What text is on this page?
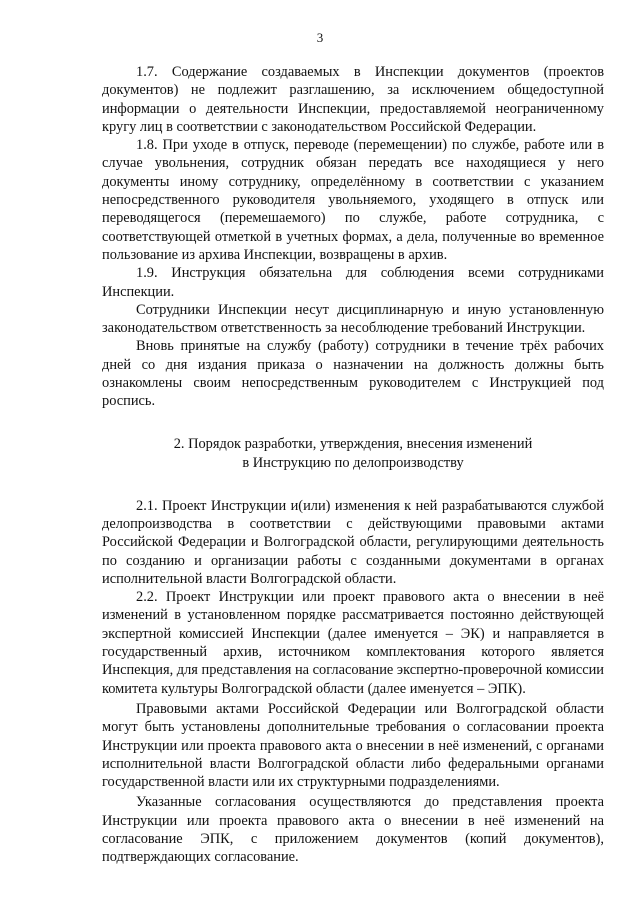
3

1.7. Содержание создаваемых в Инспекции документов (проектов документов) не подлежит разглашению, за исключением общедоступной информации о деятельности Инспекции, предоставляемой неограниченному кругу лиц в соответствии с законодательством Российской Федерации.

1.8. При уходе в отпуск, переводе (перемещении) по службе, работе или в случае увольнения, сотрудник обязан передать все находящиеся у него документы иному сотруднику, определённому в соответствии с указанием непосредственного руководителя увольняемого, уходящего в отпуск или переводящегося (перемешаемого) по службе, работе сотрудника, с соответствующей отметкой в учетных формах, а дела, полученные во временное пользование из архива Инспекции, возвращены в архив.

1.9. Инструкция обязательна для соблюдения всеми сотрудниками Инспекции.

Сотрудники Инспекции несут дисциплинарную и иную установленную законодательством ответственность за несоблюдение требований Инструкции.

Вновь принятые на службу (работу) сотрудники в течение трёх рабочих дней со дня издания приказа о назначении на должность должны быть ознакомлены своим непосредственным руководителем с Инструкцией под роспись.

2. Порядок разработки, утверждения, внесения изменений
в Инструкцию по делопроизводству

2.1. Проект Инструкции и(или) изменения к ней разрабатываются службой делопроизводства в соответствии с действующими правовыми актами Российской Федерации и Волгоградской области, регулирующими деятельность по созданию и организации работы с созданными документами в органах исполнительной власти Волгоградской области.

2.2. Проект Инструкции или проект правового акта о внесении в неё изменений в установленном порядке рассматривается постоянно действующей экспертной комиссией Инспекции (далее именуется – ЭК) и направляется в государственный архив, источником комплектования которого является Инспекция, для представления на согласование экспертно-проверочной комиссии комитета культуры Волгоградской области (далее именуется – ЭПК).

Правовыми актами Российской Федерации или Волгоградской области могут быть установлены дополнительные требования о согласовании проекта Инструкции или проекта правового акта о внесении в неё изменений, с органами исполнительной власти Волгоградской области либо федеральными органами государственной власти или их структурными подразделениями.

Указанные согласования осуществляются до представления проекта Инструкции или проекта правового акта о внесении в неё изменений на согласование ЭПК, с приложением документов (копий документов), подтверждающих согласование.
